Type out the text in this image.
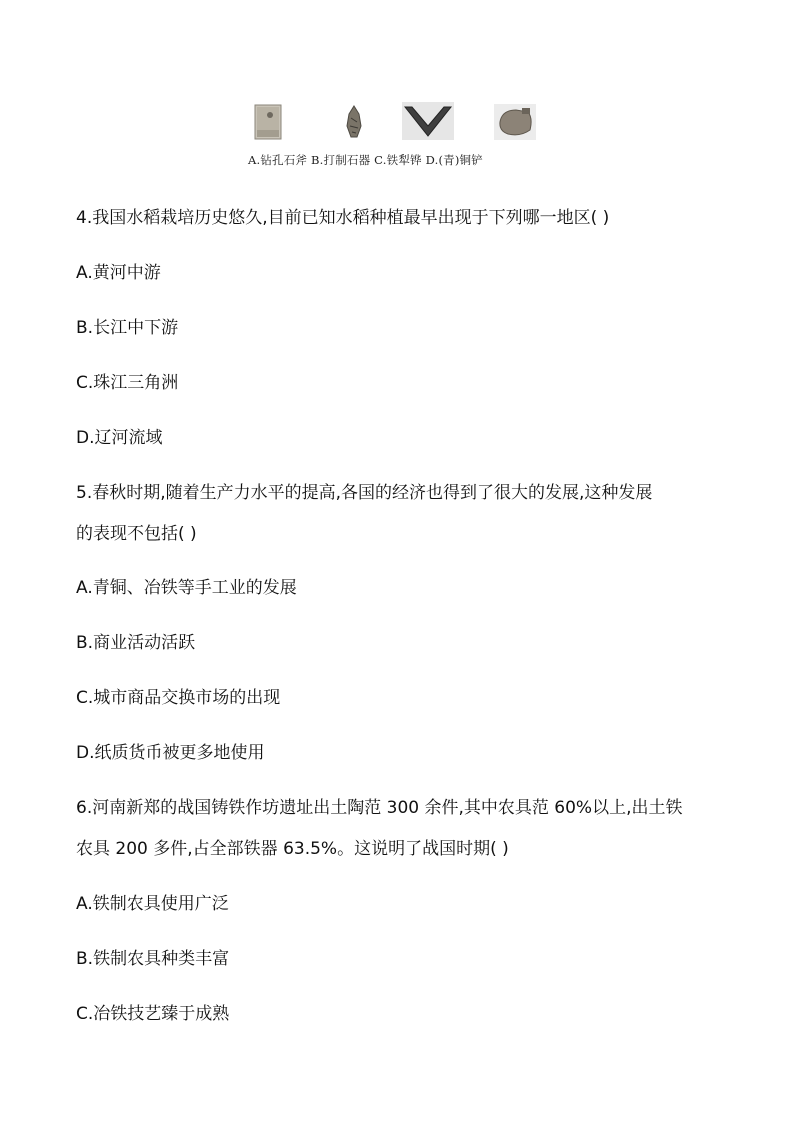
A.钻孔石斧 B.打制石器 C.铁犁铧 D.(青)铜铲
4.我国水稻栽培历史悠久,目前已知水稻种植最早出现于下列哪一地区( )
A.黄河中游
B.长江中下游
C.珠江三角洲
D.辽河流域
5.春秋时期,随着生产力水平的提高,各国的经济也得到了很大的发展,这种发展
的表现不包括( )
A.青铜、冶铁等手工业的发展
B.商业活动活跃
C.城市商品交换市场的出现
D.纸质货币被更多地使用
6.河南新郑的战国铸铁作坊遗址出土陶范 300 余件,其中农具范 60%以上,出土铁
农具 200 多件,占全部铁器 63.5%。这说明了战国时期( )
A.铁制农具使用广泛
B.铁制农具种类丰富
C.冶铁技艺臻于成熟
